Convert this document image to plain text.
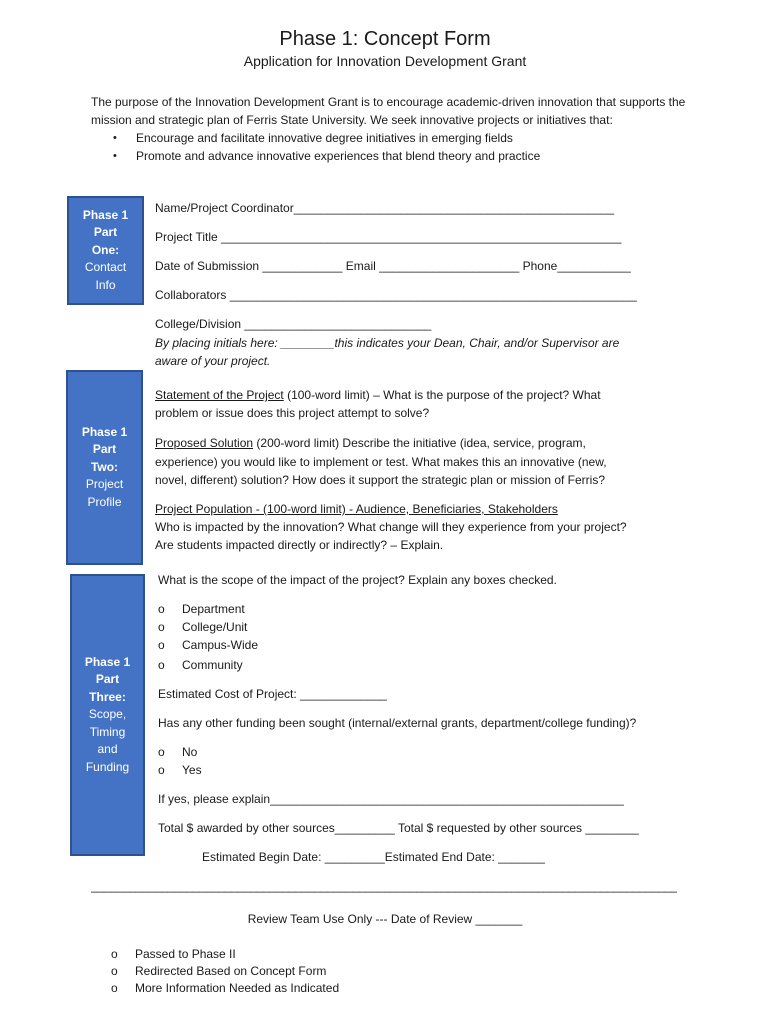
Phase 1: Concept Form
Application for Innovation Development Grant

The purpose of the Innovation Development Grant is to encourage academic-driven innovation that supports the mission and strategic plan of Ferris State University. We seek innovative projects or initiatives that:

• Encourage and facilitate innovative degree initiatives in emerging fields
• Promote and advance innovative experiences that blend theory and practice
Phase 1
Part
One:
Contact
Info
Name/Project Coordinator________________________________________________
Project Title ____________________________________________________________
Date of Submission ____________ Email _____________________ Phone___________
Collaborators _____________________________________________________________
College/Division ____________________________
By placing initials here: ________this indicates your Dean, Chair, and/or Supervisor are
aware of your project.
Phase 1
Part
Two:
Project
Profile
Statement of the Project (100-word limit) – What is the purpose of the project? What
problem or issue does this project attempt to solve?
Proposed Solution (200-word limit) Describe the initiative (idea, service, program,
experience) you would like to implement or test. What makes this an innovative (new,
novel, different) solution? How does it support the strategic plan or mission of Ferris?
Project Population - (100-word limit) - Audience, Beneficiaries, Stakeholders
Who is impacted by the innovation? What change will they experience from your project?
Are students impacted directly or indirectly? – Explain.
Phase 1
Part
Three:
Scope,
Timing
and
Funding
What is the scope of the impact of the project? Explain any boxes checked.
o Department
o College/Unit
o Campus-Wide
o Community
Estimated Cost of Project: _____________
Has any other funding been sought (internal/external grants, department/college funding)?
o No
o Yes
If yes, please explain_____________________________________________________
Total $ awarded by other sources_________ Total $ requested by other sources ________
Estimated Begin Date: _________Estimated End Date: _______
____________________________________________________________________________________________
Review Team Use Only --- Date of Review _______
o Passed to Phase II
o Redirected Based on Concept Form
o More Information Needed as Indicated
